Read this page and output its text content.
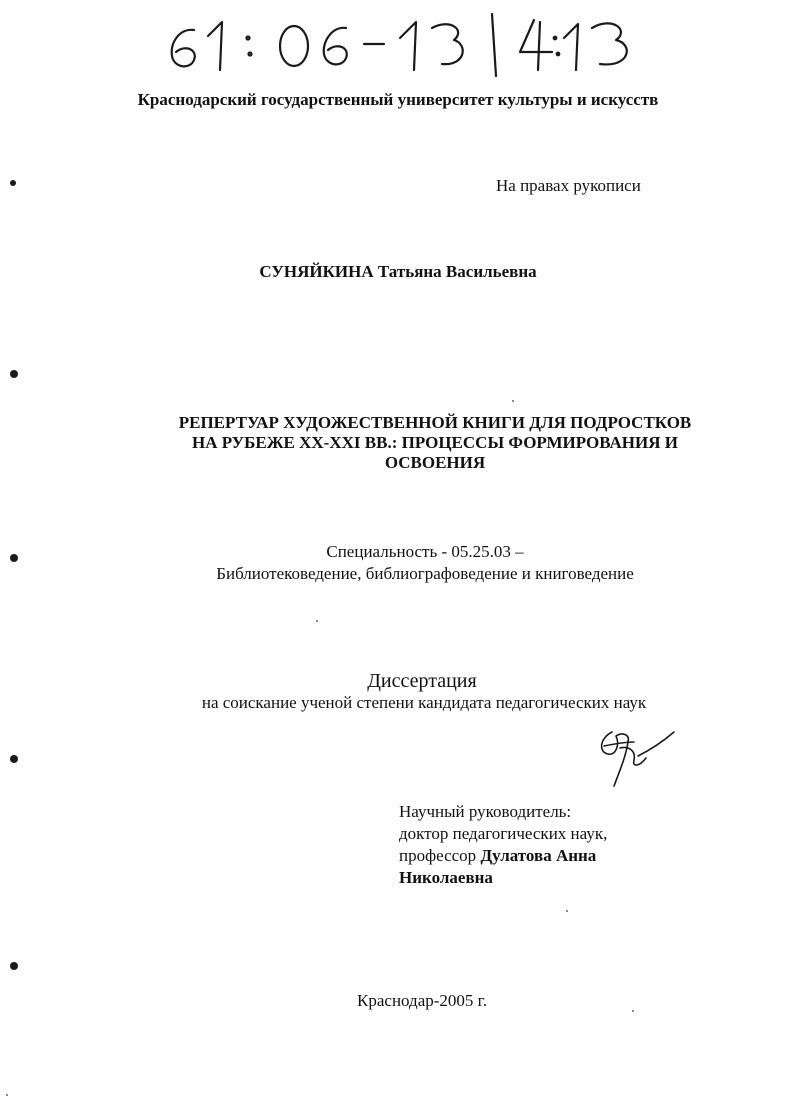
Краснодарский государственный университет культуры и искусств
На правах рукописи
СУНЯЙКИНА Татьяна Васильевна
РЕПЕРТУАР ХУДОЖЕСТВЕННОЙ КНИГИ ДЛЯ ПОДРОСТКОВ
НА РУБЕЖЕ XX-XXI ВВ.: ПРОЦЕССЫ ФОРМИРОВАНИЯ И
ОСВОЕНИЯ
Специальность - 05.25.03 –
Библиотековедение, библиографоведение и книговедение
Диссертация
на соискание ученой степени кандидата педагогических наук
Научный руководитель:
доктор педагогических наук,
профессор Дулатова Анна
Николаевна
Краснодар-2005 г.
